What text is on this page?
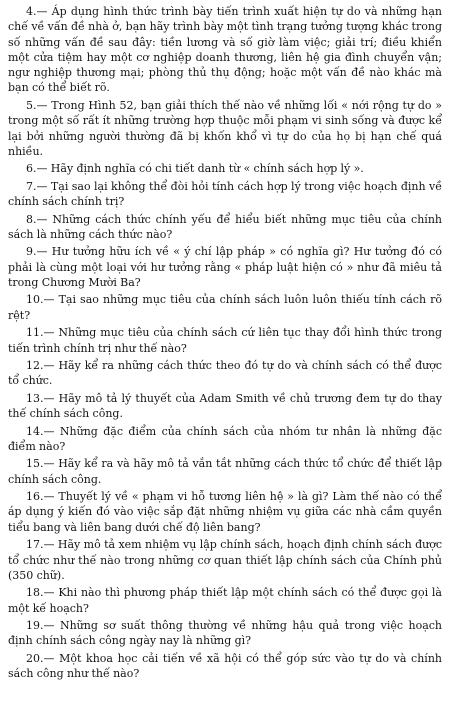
4.— Áp dụng hình thức trình bày tiến trình xuất hiện tự do và những hạn chế về vấn đề nhà ở, bạn hãy trình bày một tình trạng tưởng tượng khác trong số những vấn đề sau đây: tiền lương và số giờ làm việc; giải trí; điều khiển một cửa tiệm hay một cơ nghiệp doanh thương, liên hệ gia đình chuyển vận; ngư nghiệp thương mại; phòng thủ thụ động; hoặc một vấn đề nào khác mà bạn có thể biết rõ.

5.— Trong Hình 52, bạn giải thích thế nào về những lối « nới rộng tự do » trong một số rất ít những trường hợp thuộc mỗi phạm vi sinh sống và được kể lại bởi những người thường đã bị khốn khổ vì tự do của họ bị hạn chế quá nhiều.

6.— Hãy định nghĩa có chi tiết danh từ « chính sách hợp lý ».

7.— Tại sao lại không thể đòi hỏi tính cách hợp lý trong việc hoạch định về chính sách chính trị?

8.— Những cách thức chính yếu để hiểu biết những mục tiêu của chính sách là những cách thức nào?

9.— Hư tưởng hữu ích về « ý chí lập pháp » có nghĩa gì? Hư tưởng đó có phải là cùng một loại với hư tưởng rằng « pháp luật hiện có » như đã miêu tả trong Chương Mười Ba?

10.— Tại sao những mục tiêu của chính sách luôn luôn thiếu tính cách rõ rệt?

11.— Những mục tiêu của chính sách cứ liên tục thay đổi hình thức trong tiến trình chính trị như thế nào?

12.— Hãy kể ra những cách thức theo đó tự do và chính sách có thể được tổ chức.

13.— Hãy mô tả lý thuyết của Adam Smith về chủ trương đem tự do thay thế chính sách công.

14.— Những đặc điểm của chính sách của nhóm tư nhân là những đặc điểm nào?

15.— Hãy kể ra và hãy mô tả vắn tắt những cách thức tổ chức để thiết lập chính sách công.

16.— Thuyết lý về « phạm vi hỗ tương liên hệ » là gì? Làm thế nào có thể áp dụng ý kiến đó vào việc sắp đặt những nhiệm vụ giữa các nhà cầm quyền tiểu bang và liên bang dưới chế độ liên bang?

17.— Hãy mô tả xem nhiệm vụ lập chính sách, hoạch định chính sách được tổ chức như thế nào trong những cơ quan thiết lập chính sách của Chính phủ (350 chữ).

18.— Khi nào thì phương pháp thiết lập một chính sách có thể được gọi là một kế hoạch?

19.— Những sơ suất thông thường về những hậu quả trong việc hoạch định chính sách công ngày nay là những gì?

20.— Một khoa học cải tiến về xã hội có thể góp sức vào tự do và chính sách công như thế nào?
